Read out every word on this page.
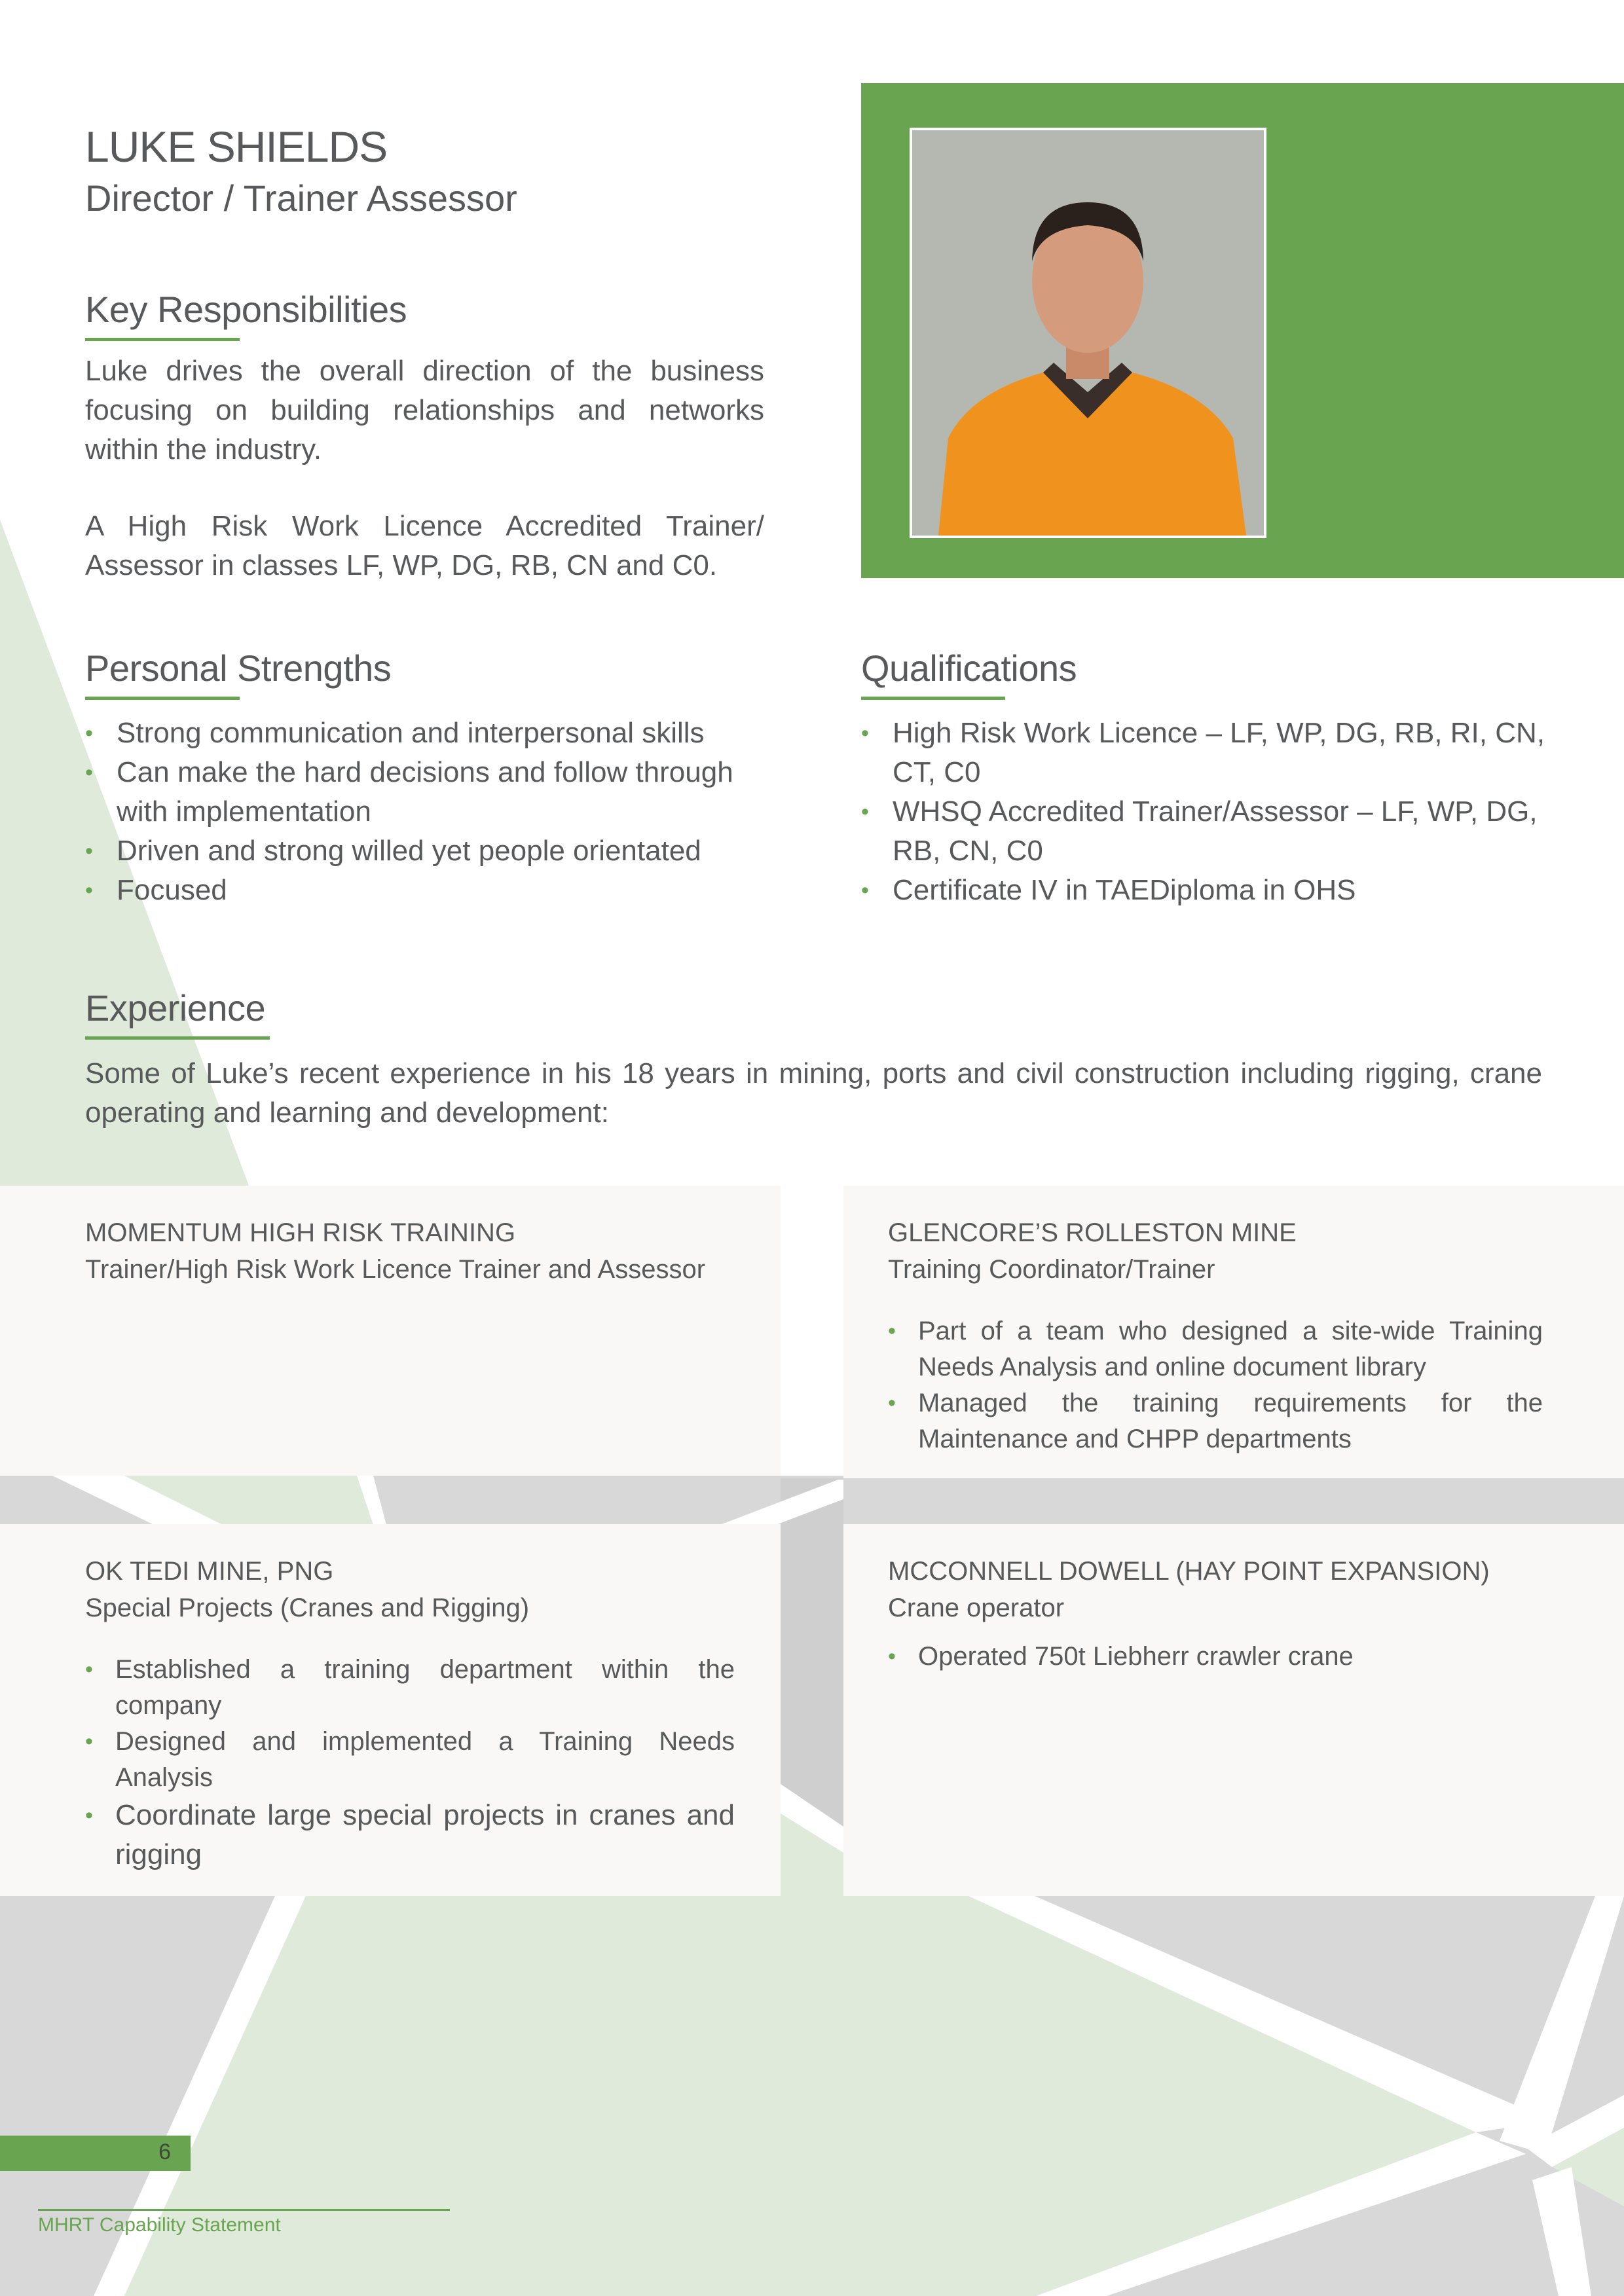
LUKE SHIELDS
Director / Trainer Assessor
Key Responsibilities
Luke drives the overall direction of the business focusing on building relationships and networks within the industry.
A High Risk Work Licence Accredited Trainer/ Assessor in classes LF, WP, DG, RB, CN and C0.
Personal Strengths
• Strong communication and interpersonal skills
• Can make the hard decisions and follow through with implementation
• Driven and strong willed yet people orientated
• Focused
Qualifications
• High Risk Work Licence – LF, WP, DG, RB, RI, CN, CT, C0
• WHSQ Accredited Trainer/Assessor – LF, WP, DG, RB, CN, C0
• Certificate IV in TAEDiploma in OHS
Experience
Some of Luke’s recent experience in his 18 years in mining, ports and civil construction including rigging, crane operating and learning and development:
MOMENTUM HIGH RISK TRAINING
Trainer/High Risk Work Licence Trainer and Assessor
GLENCORE’S ROLLESTON MINE
Training Coordinator/Trainer
• Part of a team who designed a site-wide Training Needs Analysis and online document library
• Managed the training requirements for the Maintenance and CHPP departments
OK TEDI MINE, PNG
Special Projects (Cranes and Rigging)
• Established a training department within the company
• Designed and implemented a Training Needs Analysis
• Coordinate large special projects in cranes and rigging
MCCONNELL DOWELL (HAY POINT EXPANSION)
Crane operator
• Operated 750t Liebherr crawler crane
6
MHRT Capability Statement
